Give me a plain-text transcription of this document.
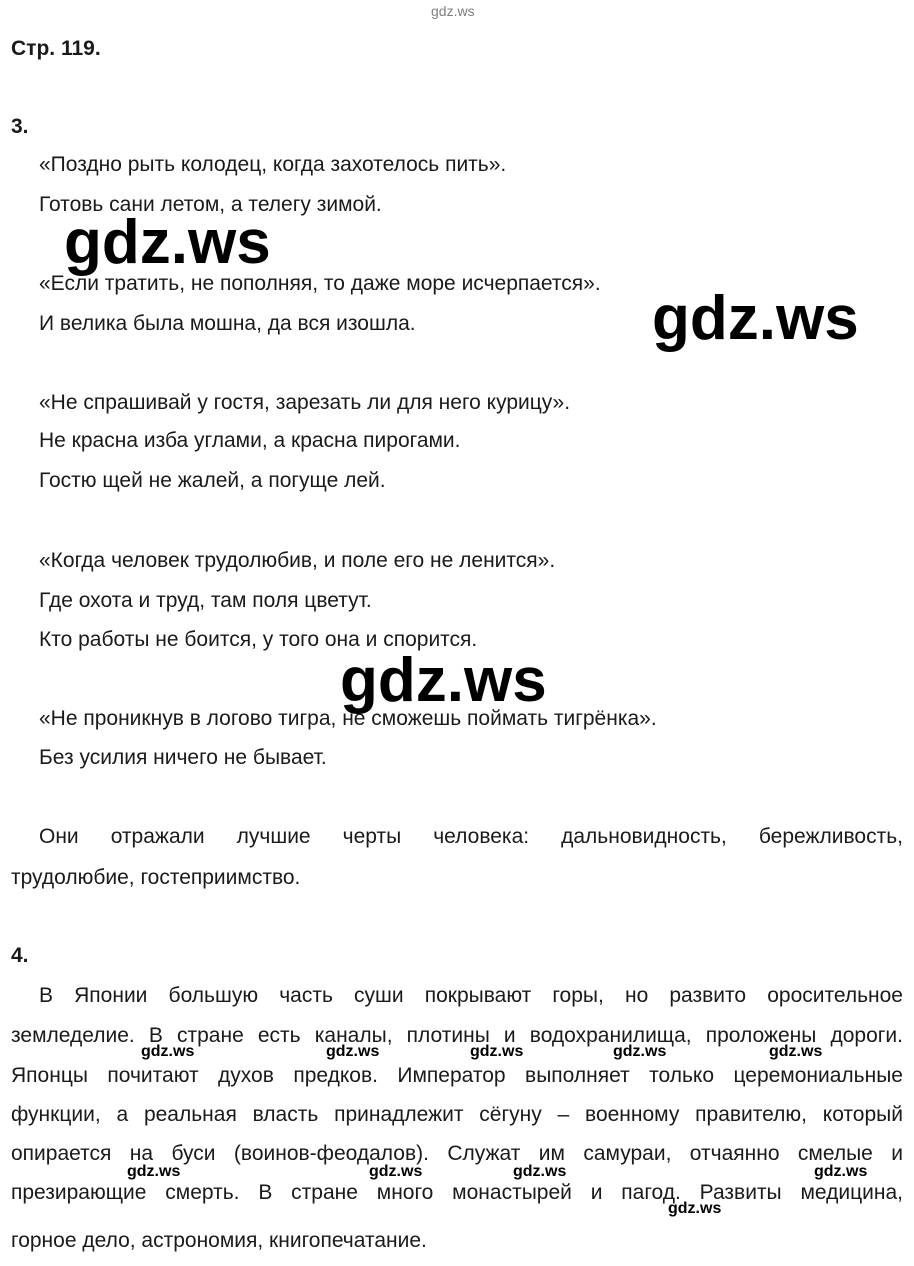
gdz.ws
Стр. 119.
3.
«Поздно рыть колодец, когда захотелось пить».
Готовь сани летом, а телегу зимой.
«Если тратить, не пополняя, то даже море исчерпается».
И велика была мошна, да вся изошла.
«Не спрашивай у гостя, зарезать ли для него курицу».
Не красна изба углами, а красна пирогами.
Гостю щей не жалей, а погуще лей.
«Когда человек трудолюбив, и поле его не ленится».
Где охота и труд, там поля цветут.
Кто работы не боится, у того она и спорится.
«Не проникнув в логово тигра, не сможешь поймать тигрёнка».
Без усилия ничего не бывает.
Они отражали лучшие черты человека: дальновидность, бережливость,
трудолюбие, гостеприимство.
4.
В Японии большую часть суши покрывают горы, но развито оросительное
земледелие. В стране есть каналы, плотины и водохранилища, проложены дороги.
Японцы почитают духов предков. Император выполняет только церемониальные
функции, а реальная власть принадлежит сёгуну – военному правителю, который
опирается на буси (воинов-феодалов). Служат им самураи, отчаянно смелые и
презирающие смерть. В стране много монастырей и пагод. Развиты медицина,
горное дело, астрономия, книгопечатание.
gdz.ws
gdz.ws
gdz.ws
gdz.ws	gdz.ws	gdz.ws	gdz.ws	gdz.ws
gdz.ws	gdz.ws	gdz.ws	gdz.ws
gdz.ws
